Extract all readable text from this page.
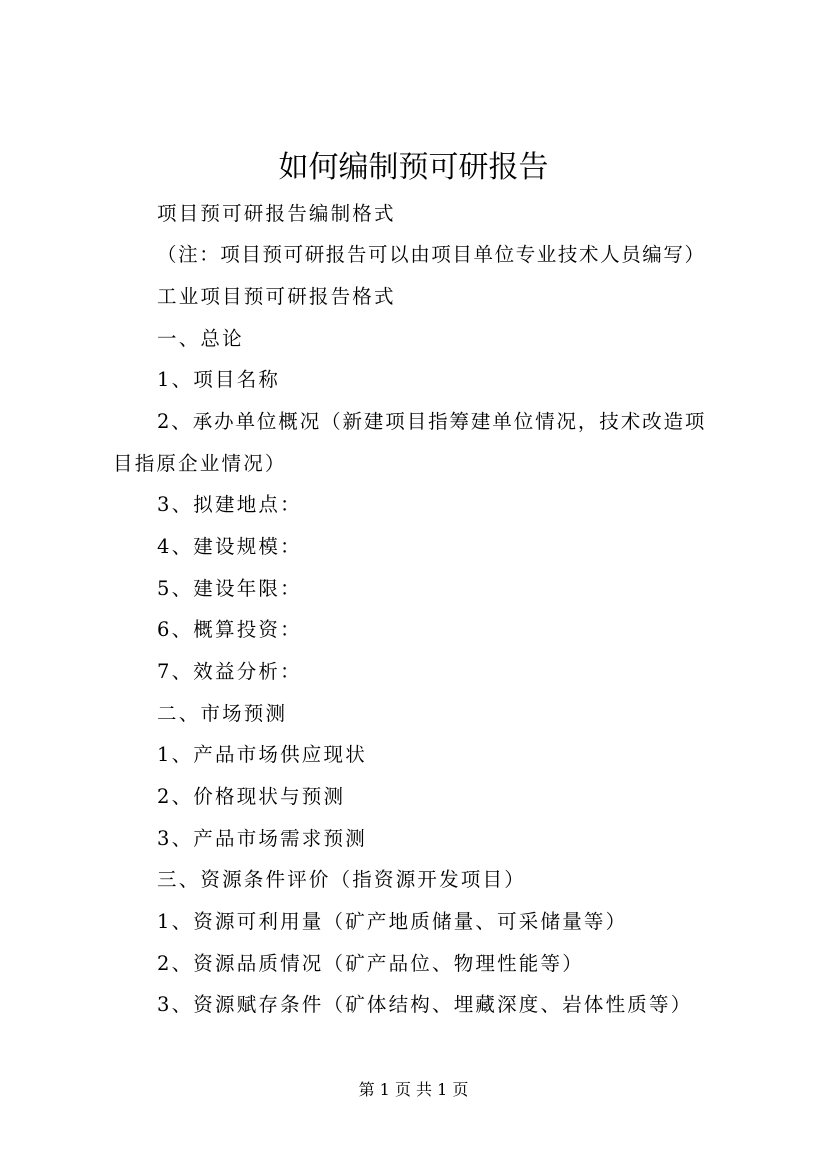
如何编制预可研报告
项目预可研报告编制格式
（注：项目预可研报告可以由项目单位专业技术人员编写）
工业项目预可研报告格式
一、总论
1、项目名称
2、承办单位概况（新建项目指筹建单位情况，技术改造项
目指原企业情况）
3、拟建地点：
4、建设规模：
5、建设年限：
6、概算投资：
7、效益分析：
二、市场预测
1、产品市场供应现状
2、价格现状与预测
3、产品市场需求预测
三、资源条件评价（指资源开发项目）
1、资源可利用量（矿产地质储量、可采储量等）
2、资源品质情况（矿产品位、物理性能等）
3、资源赋存条件（矿体结构、埋藏深度、岩体性质等）
第 1 页 共 1 页
